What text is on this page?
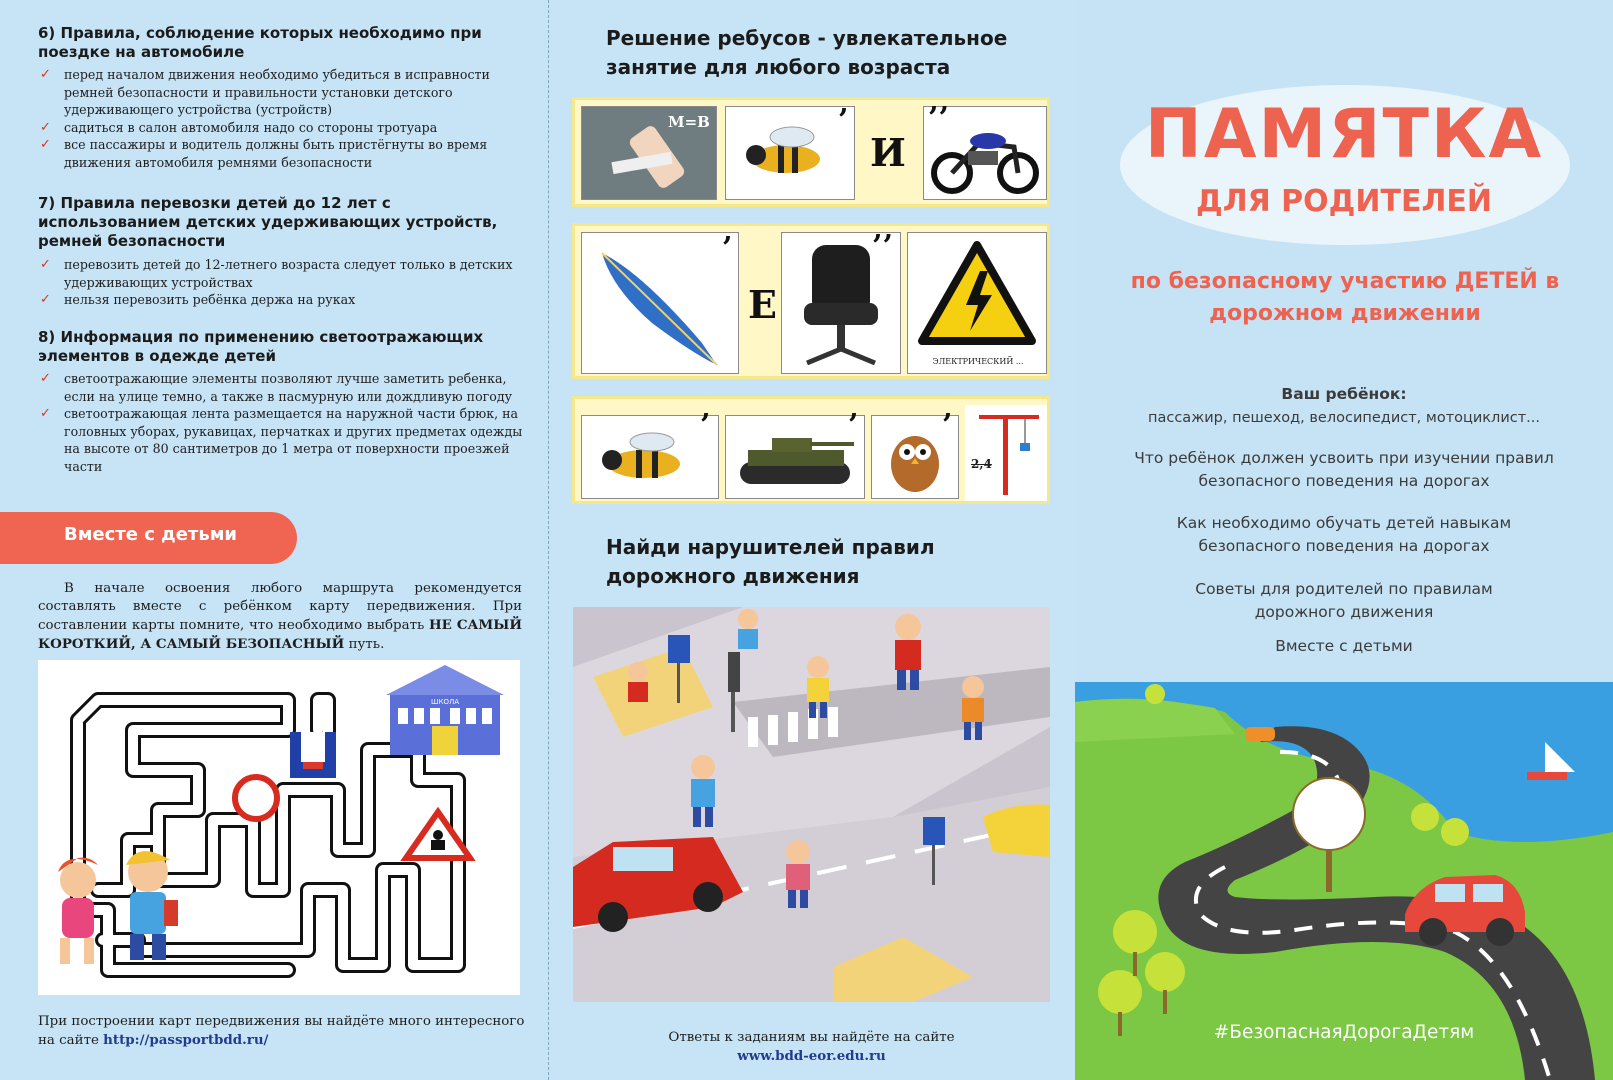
6) Правила, соблюдение которых необходимо при поездке на автомобиле
✓ перед началом движения необходимо убедиться в исправности ремней безопасности и правильности установки детского удерживающего устройства (устройств)
✓ садиться в салон автомобиля надо со стороны тротуара
✓ все пассажиры и водитель должны быть пристёгнуты во время движения автомобиля ремнями безопасности
7) Правила перевозки детей до 12 лет с использованием детских удерживающих устройств, ремней безопасности
✓ перевозить детей до 12-летнего возраста следует только в детских удерживающих устройствах
✓ нельзя перевозить ребёнка держа на руках
8) Информация по применению светоотражающих элементов в одежде детей
✓ светоотражающие элементы позволяют лучше заметить ребенка, если на улице темно, а также в пасмурную или дождливую погоду
✓ светоотражающая лента размещается на наружной части брюк, на головных уборах, рукавицах, перчатках и других предметах одежды на высоте от 80 сантиметров до 1 метра от поверхности проезжей части
Вместе с детьми
В начале освоения любого маршрута рекомендуется составлять вместе с ребёнком карту передвижения. При составлении карты помните, что необходимо выбрать НЕ САМЫЙ КОРОТКИЙ, А САМЫЙ БЕЗОПАСНЫЙ путь.
ШКОЛА
При построении карт передвижения вы найдёте много интересного на сайте http://passportbdd.ru/
Решение ребусов - увлекательное занятие для любого возраста
М=В	’
И
’’
’
Е
’’
ЭЛЕКТРИЧЕСКИЙ ...
’	’	’
2,4
Найди нарушителей правил дорожного движения
Ответы к заданиям вы найдёте на сайте
www.bdd-eor.edu.ru
ПАМЯТКА
ДЛЯ РОДИТЕЛЕЙ
по безопасному участию ДЕТЕЙ в дорожном движении
Ваш ребёнок:
пассажир, пешеход, велосипедист, мотоциклист...
Что ребёнок должен усвоить при изучении правил безопасного поведения на дорогах
Как необходимо обучать детей навыкам безопасного поведения на дорогах
Советы для родителей по правилам дорожного движения
Вместе с детьми
#БезопаснаяДорогаДетям
